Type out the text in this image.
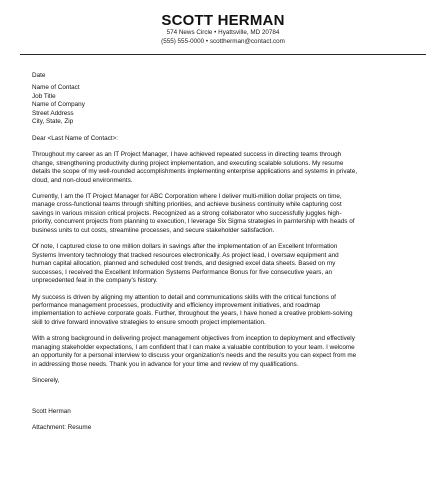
SCOTT HERMAN
574 News Circle • Hyattsville, MD 20784
(555) 555-0000 • scottherman@contact.com
Date
Name of Contact
Job Title
Name of Company
Street Address
City, State, Zip
Dear <Last Name of Contact>:
Throughout my career as an IT Project Manager, I have achieved repeated success in directing teams through
change, strengthening productivity during project implementation, and executing scalable solutions. My resume
details the scope of my well-rounded accomplishments implementing enterprise applications and systems in private,
cloud, and non-cloud environments.
Currently, I am the IT Project Manager for ABC Corporation where I deliver multi-million dollar projects on time,
manage cross-functional teams through shifting priorities, and achieve business continuity while capturing cost
savings in various mission critical projects. Recognized as a strong collaborator who successfully juggles high-
priority, concurrent projects from planning to execution, I leverage Six Sigma strategies in parntership with heads of
business units to cut costs, streamline processes, and secure stakeholder satisfaction.
Of note, I captured close to one million dollars in savings after the implementation of an Excellent Information
Systems Inventory technology that tracked resources electronically. As project lead, I oversaw equipment and
human capital allocation, planned and scheduled cost trends, and designed excel data sheets. Based on my
successes, I received the Excellent Information Systems Performance Bonus for five consecutive years, an
unprecedented feat in the company's history.
My success is driven by aligning my attention to detail and communications skills with the critical functions of
performance management processes, productivity and efficiency improvement initiatives, and roadmap
implementation to achieve corporate goals. Further, throughout the years, I have honed a creative problem-solving
skill to drive forward innovative strategies to ensure smooth project implementation.
With a strong background in delivering project management objectives from inception to deployment and effectively
managing stakeholder expectations, I am confident that I can make a valuable contribution to your team. I welcome
an opportunity for a personal interview to discuss your organization's needs and the results you can expect from me
in addressing those needs. Thank you in advance for your time and review of my qualifications.
Sincerely,
Scott Herman
Attachment: Resume
